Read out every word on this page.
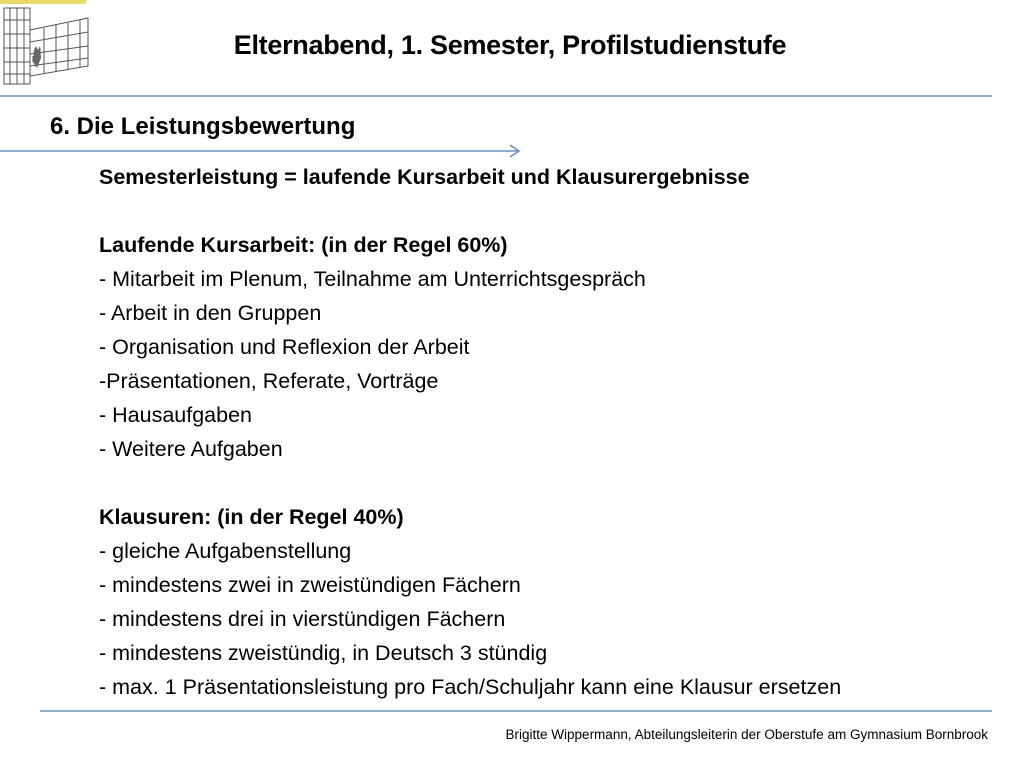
Elternabend, 1. Semester, Profilstudienstufe
6. Die Leistungsbewertung
Semesterleistung = laufende Kursarbeit und Klausurergebnisse
Laufende Kursarbeit: (in der Regel 60%)
- Mitarbeit im Plenum, Teilnahme am Unterrichtsgespräch
- Arbeit in den Gruppen
- Organisation und Reflexion der Arbeit
-Präsentationen, Referate, Vorträge
- Hausaufgaben
- Weitere Aufgaben
Klausuren: (in der Regel 40%)
- gleiche Aufgabenstellung
- mindestens zwei in zweistündigen Fächern
- mindestens drei in vierstündigen Fächern
- mindestens zweistündig, in Deutsch 3 stündig
- max. 1 Präsentationsleistung pro Fach/Schuljahr kann eine Klausur ersetzen
Brigitte Wippermann, Abteilungsleiterin der Oberstufe am Gymnasium Bornbrook
